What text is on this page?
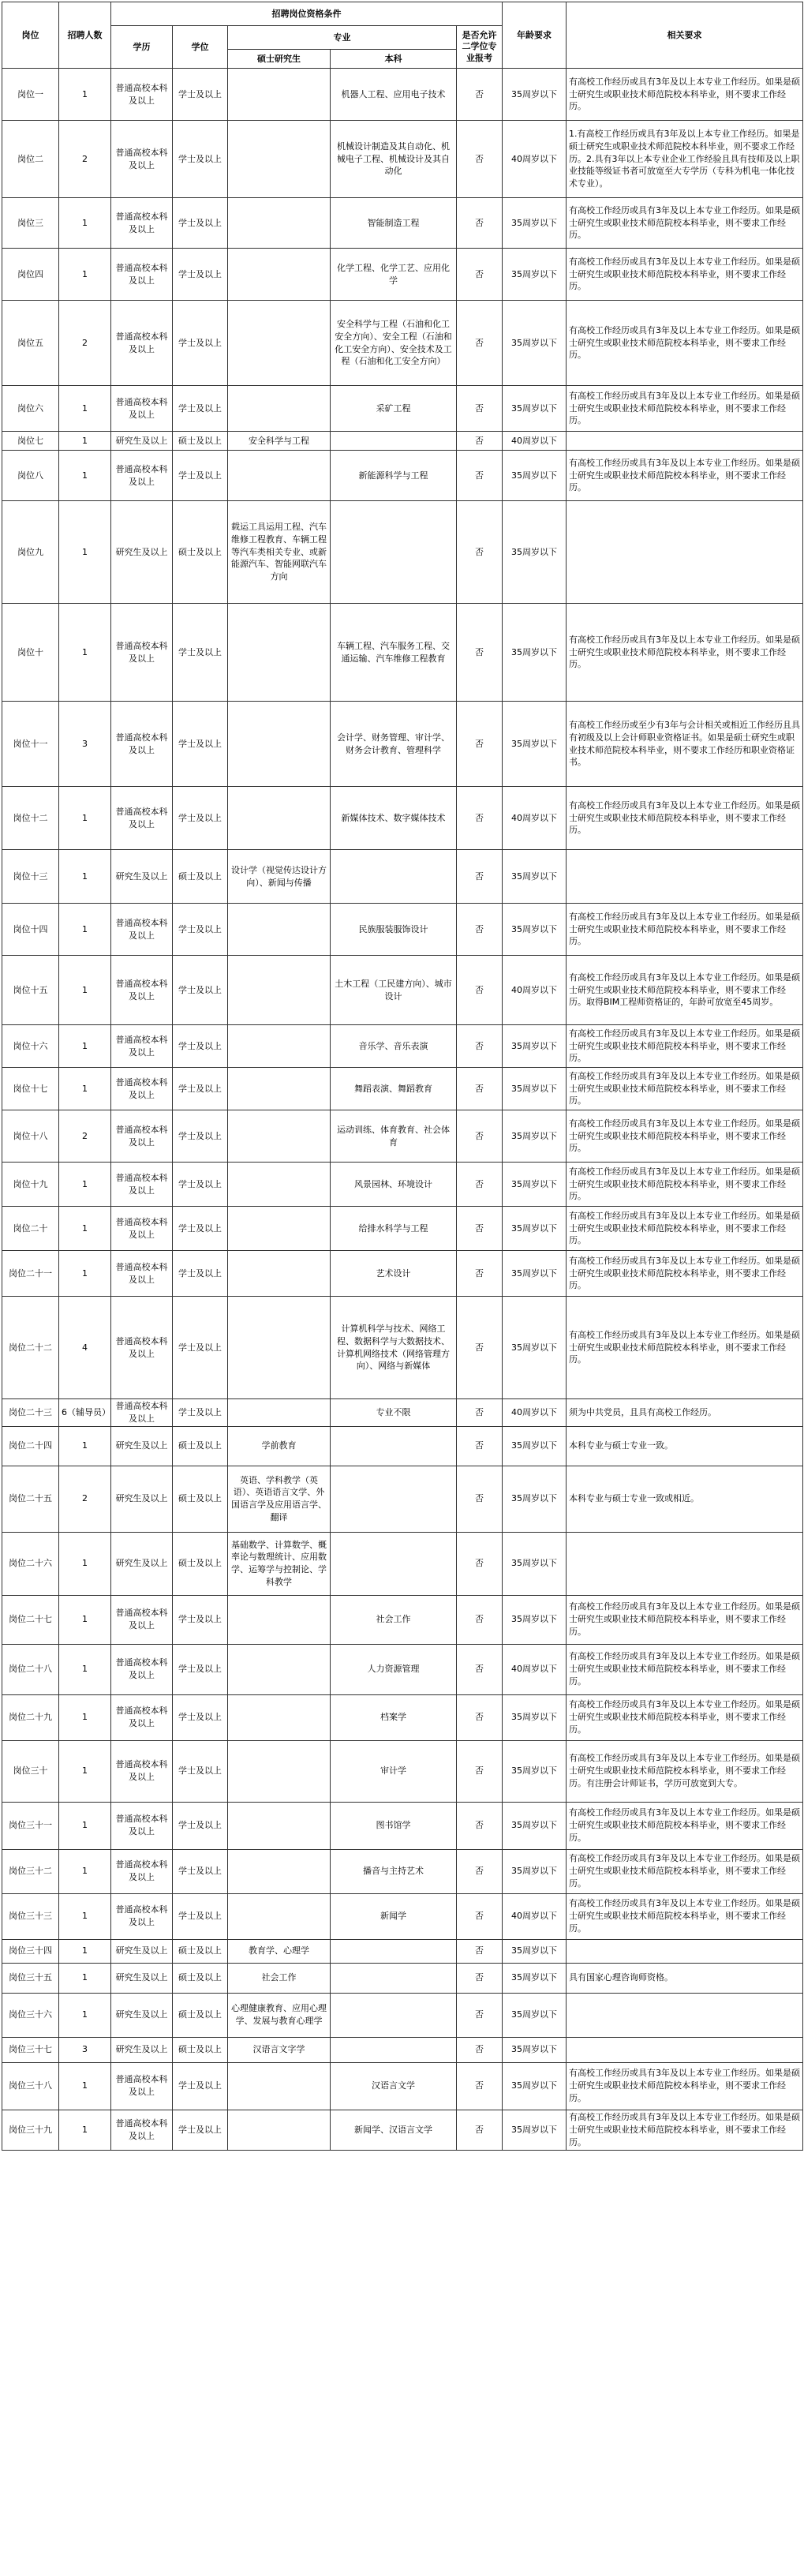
岗位	招聘人数	招聘岗位资格条件					年龄要求	相关要求
		学历	学位	专业		是否允许二学位专业报考		
				硕士研究生	本科			
岗位一	1	普通高校本科及以上	学士及以上		机器人工程、应用电子技术	否	35周岁以下	有高校工作经历或具有3年及以上本专业工作经历。如果是硕士研究生或职业技术师范院校本科毕业，则不要求工作经历。
岗位二	2	普通高校本科及以上	学士及以上		机械设计制造及其自动化、机械电子工程、机械设计及其自动化	否	40周岁以下	1.有高校工作经历或具有3年及以上本专业工作经历。如果是硕士研究生或职业技术师范院校本科毕业，则不要求工作经历。2.具有3年以上本专业企业工作经验且具有技师及以上职业技能等级证书者可放宽至大专学历（专科为机电一体化技术专业）。
岗位三	1	普通高校本科及以上	学士及以上		智能制造工程	否	35周岁以下	有高校工作经历或具有3年及以上本专业工作经历。如果是硕士研究生或职业技术师范院校本科毕业，则不要求工作经历。
岗位四	1	普通高校本科及以上	学士及以上		化学工程、化学工艺、应用化学	否	35周岁以下	有高校工作经历或具有3年及以上本专业工作经历。如果是硕士研究生或职业技术师范院校本科毕业，则不要求工作经历。
岗位五	2	普通高校本科及以上	学士及以上		安全科学与工程（石油和化工安全方向）、安全工程（石油和化工安全方向）、安全技术及工程（石油和化工安全方向）	否	35周岁以下	有高校工作经历或具有3年及以上本专业工作经历。如果是硕士研究生或职业技术师范院校本科毕业，则不要求工作经历。
岗位六	1	普通高校本科及以上	学士及以上		采矿工程	否	35周岁以下	有高校工作经历或具有3年及以上本专业工作经历。如果是硕士研究生或职业技术师范院校本科毕业，则不要求工作经历。
岗位七	1	研究生及以上	硕士及以上	安全科学与工程		否	40周岁以下	
岗位八	1	普通高校本科及以上	学士及以上		新能源科学与工程	否	35周岁以下	有高校工作经历或具有3年及以上本专业工作经历。如果是硕士研究生或职业技术师范院校本科毕业，则不要求工作经历。
岗位九	1	研究生及以上	硕士及以上	载运工具运用工程、汽车维修工程教育、车辆工程等汽车类相关专业、或新能源汽车、智能网联汽车方向		否	35周岁以下	
岗位十	1	普通高校本科及以上	学士及以上		车辆工程、汽车服务工程、交通运输、汽车维修工程教育	否	35周岁以下	有高校工作经历或具有3年及以上本专业工作经历。如果是硕士研究生或职业技术师范院校本科毕业，则不要求工作经历。
岗位十一	3	普通高校本科及以上	学士及以上		会计学、财务管理、审计学、财务会计教育、管理科学	否	35周岁以下	有高校工作经历或至少有3年与会计相关或相近工作经历且具有初级及以上会计师职业资格证书。如果是硕士研究生或职业技术师范院校本科毕业，则不要求工作经历和职业资格证书。
岗位十二	1	普通高校本科及以上	学士及以上		新媒体技术、数字媒体技术	否	40周岁以下	有高校工作经历或具有3年及以上本专业工作经历。如果是硕士研究生或职业技术师范院校本科毕业，则不要求工作经历。
岗位十三	1	研究生及以上	硕士及以上	设计学（视觉传达设计方向）、新闻与传播		否	35周岁以下	
岗位十四	1	普通高校本科及以上	学士及以上		民族服装服饰设计	否	35周岁以下	有高校工作经历或具有3年及以上本专业工作经历。如果是硕士研究生或职业技术师范院校本科毕业，则不要求工作经历。
岗位十五	1	普通高校本科及以上	学士及以上		土木工程（工民建方向）、城市设计	否	40周岁以下	有高校工作经历或具有3年及以上本专业工作经历。如果是硕士研究生或职业技术师范院校本科毕业，则不要求工作经历。取得BIM工程师资格证的，年龄可放宽至45周岁。
岗位十六	1	普通高校本科及以上	学士及以上		音乐学、音乐表演	否	35周岁以下	有高校工作经历或具有3年及以上本专业工作经历。如果是硕士研究生或职业技术师范院校本科毕业，则不要求工作经历。
岗位十七	1	普通高校本科及以上	学士及以上		舞蹈表演、舞蹈教育	否	35周岁以下	有高校工作经历或具有3年及以上本专业工作经历。如果是硕士研究生或职业技术师范院校本科毕业，则不要求工作经历。
岗位十八	2	普通高校本科及以上	学士及以上		运动训练、体育教育、社会体育	否	35周岁以下	有高校工作经历或具有3年及以上本专业工作经历。如果是硕士研究生或职业技术师范院校本科毕业，则不要求工作经历。
岗位十九	1	普通高校本科及以上	学士及以上		风景园林、环境设计	否	35周岁以下	有高校工作经历或具有3年及以上本专业工作经历。如果是硕士研究生或职业技术师范院校本科毕业，则不要求工作经历。
岗位二十	1	普通高校本科及以上	学士及以上		给排水科学与工程	否	35周岁以下	有高校工作经历或具有3年及以上本专业工作经历。如果是硕士研究生或职业技术师范院校本科毕业，则不要求工作经历。
岗位二十一	1	普通高校本科及以上	学士及以上		艺术设计	否	35周岁以下	有高校工作经历或具有3年及以上本专业工作经历。如果是硕士研究生或职业技术师范院校本科毕业，则不要求工作经历。
岗位二十二	4	普通高校本科及以上	学士及以上		计算机科学与技术、网络工程、数据科学与大数据技术、计算机网络技术（网络管理方向）、网络与新媒体	否	35周岁以下	有高校工作经历或具有3年及以上本专业工作经历。如果是硕士研究生或职业技术师范院校本科毕业，则不要求工作经历。
岗位二十三	6（辅导员）	普通高校本科及以上	学士及以上		专业不限	否	40周岁以下	须为中共党员，且具有高校工作经历。
岗位二十四	1	研究生及以上	硕士及以上	学前教育		否	35周岁以下	本科专业与硕士专业一致。
岗位二十五	2	研究生及以上	硕士及以上	英语、学科教学（英语）、英语语言文学、外国语言学及应用语言学、翻译		否	35周岁以下	本科专业与硕士专业一致或相近。
岗位二十六	1	研究生及以上	硕士及以上	基础数学、计算数学、概率论与数理统计、应用数学、运筹学与控制论、学科教学		否	35周岁以下	
岗位二十七	1	普通高校本科及以上	学士及以上		社会工作	否	35周岁以下	有高校工作经历或具有3年及以上本专业工作经历。如果是硕士研究生或职业技术师范院校本科毕业，则不要求工作经历。
岗位二十八	1	普通高校本科及以上	学士及以上		人力资源管理	否	40周岁以下	有高校工作经历或具有3年及以上本专业工作经历。如果是硕士研究生或职业技术师范院校本科毕业，则不要求工作经历。
岗位二十九	1	普通高校本科及以上	学士及以上		档案学	否	35周岁以下	有高校工作经历或具有3年及以上本专业工作经历。如果是硕士研究生或职业技术师范院校本科毕业，则不要求工作经历。
岗位三十	1	普通高校本科及以上	学士及以上		审计学	否	35周岁以下	有高校工作经历或具有3年及以上本专业工作经历。如果是硕士研究生或职业技术师范院校本科毕业，则不要求工作经历。有注册会计师证书，学历可放宽到大专。
岗位三十一	1	普通高校本科及以上	学士及以上		图书馆学	否	35周岁以下	有高校工作经历或具有3年及以上本专业工作经历。如果是硕士研究生或职业技术师范院校本科毕业，则不要求工作经历。
岗位三十二	1	普通高校本科及以上	学士及以上		播音与主持艺术	否	35周岁以下	有高校工作经历或具有3年及以上本专业工作经历。如果是硕士研究生或职业技术师范院校本科毕业，则不要求工作经历。
岗位三十三	1	普通高校本科及以上	学士及以上		新闻学	否	40周岁以下	有高校工作经历或具有3年及以上本专业工作经历。如果是硕士研究生或职业技术师范院校本科毕业，则不要求工作经历。
岗位三十四	1	研究生及以上	硕士及以上	教育学、心理学		否	35周岁以下	
岗位三十五	1	研究生及以上	硕士及以上	社会工作		否	35周岁以下	具有国家心理咨询师资格。
岗位三十六	1	研究生及以上	硕士及以上	心理健康教育、应用心理学、发展与教育心理学		否	35周岁以下	
岗位三十七	3	研究生及以上	硕士及以上	汉语言文字学		否	35周岁以下	
岗位三十八	1	普通高校本科及以上	学士及以上		汉语言文学	否	35周岁以下	有高校工作经历或具有3年及以上本专业工作经历。如果是硕士研究生或职业技术师范院校本科毕业，则不要求工作经历。
岗位三十九	1	普通高校本科及以上	学士及以上		新闻学、汉语言文学	否	35周岁以下	有高校工作经历或具有3年及以上本专业工作经历。如果是硕士研究生或职业技术师范院校本科毕业，则不要求工作经历。
